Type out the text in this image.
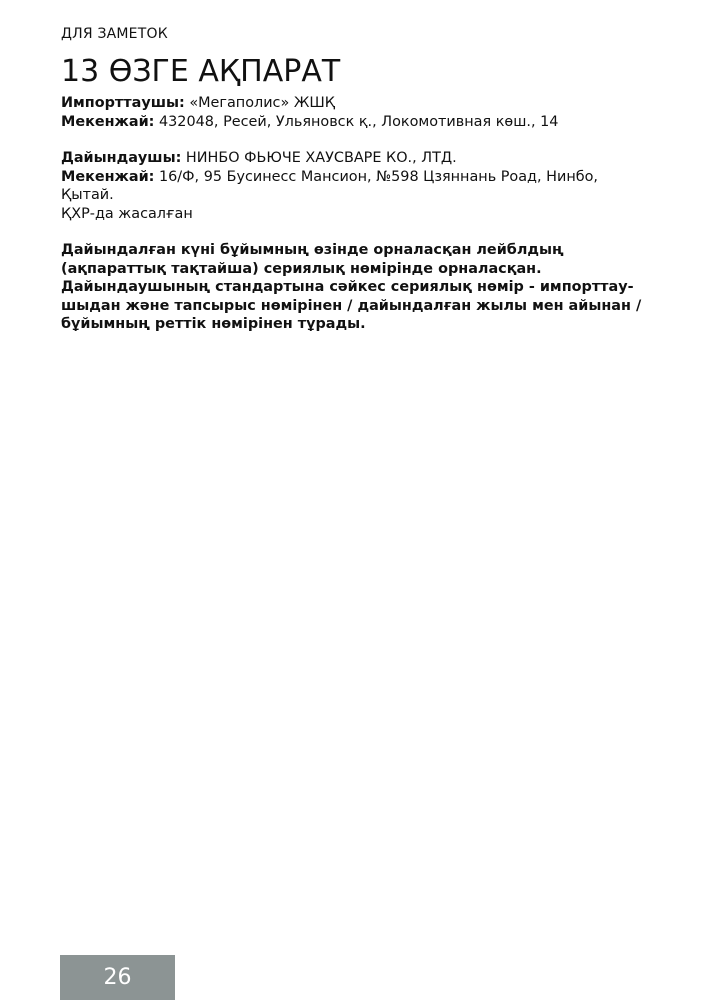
ДЛЯ ЗАМЕТОК
13 ӨЗГЕ АҚПАРАТ

Импорттаушы: «Мегаполис» ЖШҚ

Мекенжай: 432048, Ресей, Ульяновск қ., Локомотивная көш., 14

Дайындаушы: НИНБО ФЬЮЧЕ ХАУСВАРЕ КО., ЛТД.

Мекенжай: 16/Ф, 95 Бусинесс Мансион, №598 Цзяннань Роад, Нинбо, Қытай.

ҚХР-да жасалған

Дайындалған күні бұйымның өзінде орналасқан лейблдың (ақпараттық тақтайша) сериялық нөмірінде орналасқан. Дайындаушының стандартына сәйкес сериялық нөмір - импорттау-шыдан және тапсырыс нөмірінен / дайындалған жылы мен айынан / бұйымның реттік нөмірінен тұрады.

26
